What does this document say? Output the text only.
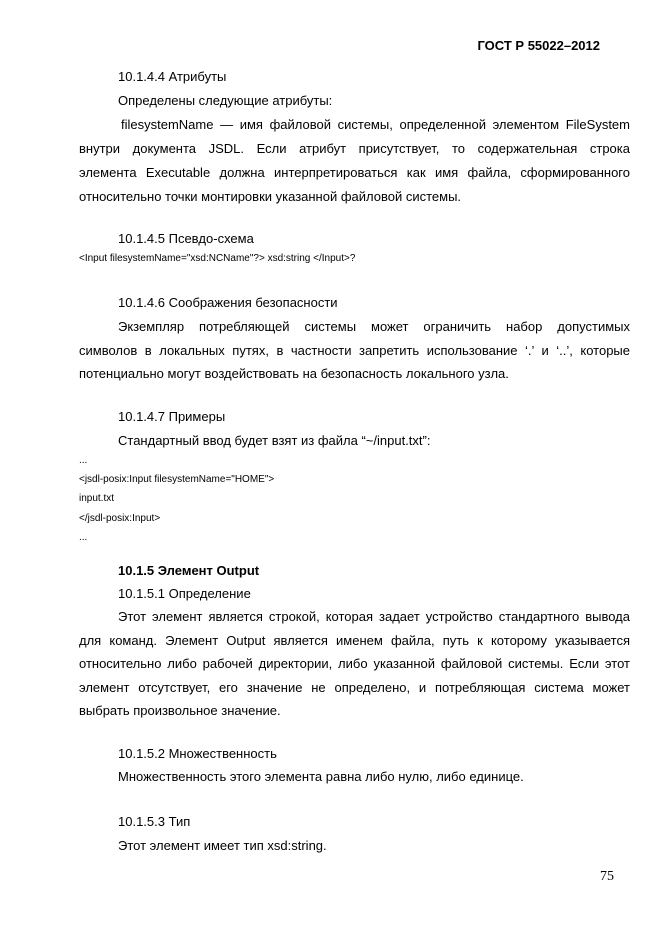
ГОСТ Р 55022–2012
10.1.4.4 Атрибуты
Определены следующие атрибуты:
filesystemName — имя файловой системы, определенной элементом FileSystem
внутри документа JSDL. Если атрибут присутствует, то содержательная строка
элемента Executable должна интерпретироваться как имя файла, сформированного
относительно точки монтировки указанной файловой системы.
10.1.4.5 Псевдо-схема
<Input filesystemName="xsd:NCName"?> xsd:string </Input>?
10.1.4.6 Соображения безопасности
Экземпляр потребляющей системы может ограничить набор допустимых
символов в локальных путях, в частности запретить использование ‘.’ и ‘..’, которые
потенциально могут воздействовать на безопасность локального узла.
10.1.4.7 Примеры
Стандартный ввод будет взят из файла “~/input.txt”:
...
<jsdl-posix:Input filesystemName="HOME">
input.txt
</jsdl-posix:Input>
...
10.1.5 Элемент Output
10.1.5.1 Определение
Этот элемент является строкой, которая задает устройство стандартного вывода
для команд. Элемент Output является именем файла, путь к которому указывается
относительно либо рабочей директории, либо указанной файловой системы. Если этот
элемент отсутствует, его значение не определено, и потребляющая система может
выбрать произвольное значение.
10.1.5.2 Множественность
Множественность этого элемента равна либо нулю, либо единице.
10.1.5.3 Тип
Этот элемент имеет тип xsd:string.
75
